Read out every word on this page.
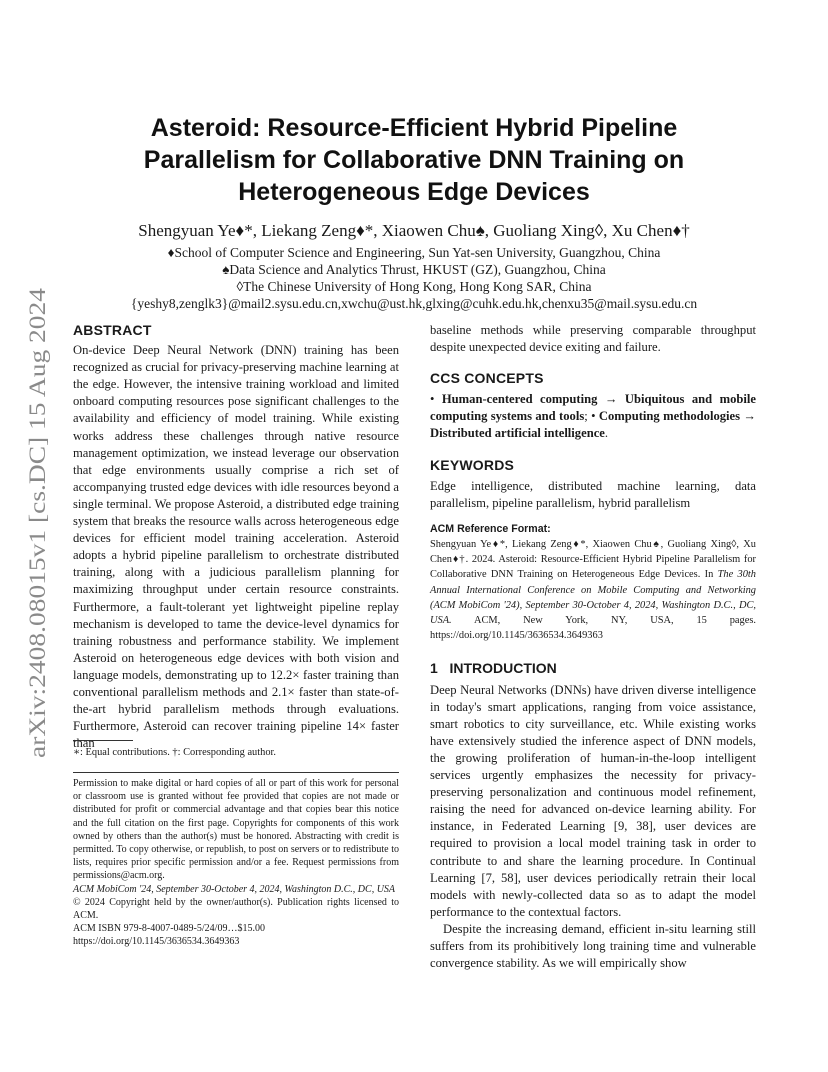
arXiv:2408.08015v1 [cs.DC] 15 Aug 2024
Asteroid: Resource-Efficient Hybrid Pipeline
Parallelism for Collaborative DNN Training on
Heterogeneous Edge Devices
Shengyuan Ye♦*, Liekang Zeng♦*, Xiaowen Chu♠, Guoliang Xing◊, Xu Chen♦†
♦School of Computer Science and Engineering, Sun Yat-sen University, Guangzhou, China
♠Data Science and Analytics Thrust, HKUST (GZ), Guangzhou, China
◊The Chinese University of Hong Kong, Hong Kong SAR, China
{yeshy8,zenglk3}@mail2.sysu.edu.cn,xwchu@ust.hk,glxing@cuhk.edu.hk,chenxu35@mail.sysu.edu.cn
ABSTRACT

On-device Deep Neural Network (DNN) training has been recognized as crucial for privacy-preserving machine learning at the edge. However, the intensive training workload and limited onboard computing resources pose significant challenges to the availability and efficiency of model training. While existing works address these challenges through native resource management optimization, we instead leverage our observation that edge environments usually comprise a rich set of accompanying trusted edge devices with idle resources beyond a single terminal. We propose Asteroid, a distributed edge training system that breaks the resource walls across heterogeneous edge devices for efficient model training acceleration. Asteroid adopts a hybrid pipeline parallelism to orchestrate distributed training, along with a judicious parallelism planning for maximizing throughput under certain resource constraints. Furthermore, a fault-tolerant yet lightweight pipeline replay mechanism is developed to tame the device-level dynamics for training robustness and performance stability. We implement Asteroid on heterogeneous edge devices with both vision and language models, demonstrating up to 12.2× faster training than conventional parallelism methods and 2.1× faster than state-of-the-art hybrid parallelism methods through evaluations. Furthermore, Asteroid can recover training pipeline 14× faster than

∗: Equal contributions. †: Corresponding author.
Permission to make digital or hard copies of all or part of this work for personal or classroom use is granted without fee provided that copies are not made or distributed for profit or commercial advantage and that copies bear this notice and the full citation on the first page. Copyrights for components of this work owned by others than the author(s) must be honored. Abstracting with credit is permitted. To copy otherwise, or republish, to post on servers or to redistribute to lists, requires prior specific permission and/or a fee. Request permissions from permissions@acm.org.
ACM MobiCom '24, September 30-October 4, 2024, Washington D.C., DC, USA
© 2024 Copyright held by the owner/author(s). Publication rights licensed to ACM.
ACM ISBN 979-8-4007-0489-5/24/09…$15.00
https://doi.org/10.1145/3636534.3649363

baseline methods while preserving comparable throughput despite unexpected device exiting and failure.

CCS CONCEPTS

• Human-centered computing → Ubiquitous and mobile computing systems and tools; • Computing methodologies → Distributed artificial intelligence.

KEYWORDS

Edge intelligence, distributed machine learning, data parallelism, pipeline parallelism, hybrid parallelism

ACM Reference Format:
Shengyuan Ye♦*, Liekang Zeng♦*, Xiaowen Chu♠, Guoliang Xing◊, Xu Chen♦†. 2024. Asteroid: Resource-Efficient Hybrid Pipeline Parallelism for Collaborative DNN Training on Heterogeneous Edge Devices. In The 30th Annual International Conference on Mobile Computing and Networking (ACM MobiCom '24), September 30-October 4, 2024, Washington D.C., DC, USA. ACM, New York, NY, USA, 15 pages. https://doi.org/10.1145/3636534.3649363
1 INTRODUCTION

Deep Neural Networks (DNNs) have driven diverse intelligence in today's smart applications, ranging from voice assistance, smart robotics to city surveillance, etc. While existing works have extensively studied the inference aspect of DNN models, the growing proliferation of human-in-the-loop intelligent services urgently emphasizes the necessity for privacy-preserving personalization and continuous model refinement, raising the need for advanced on-device learning ability. For instance, in Federated Learning [9, 38], user devices are required to provision a local model training task in order to contribute to and share the learning procedure. In Continual Learning [7, 58], user devices periodically retrain their local models with newly-collected data so as to adapt the model performance to the contextual factors.

Despite the increasing demand, efficient in-situ learning still suffers from its prohibitively long training time and vulnerable convergence stability. As we will empirically show
